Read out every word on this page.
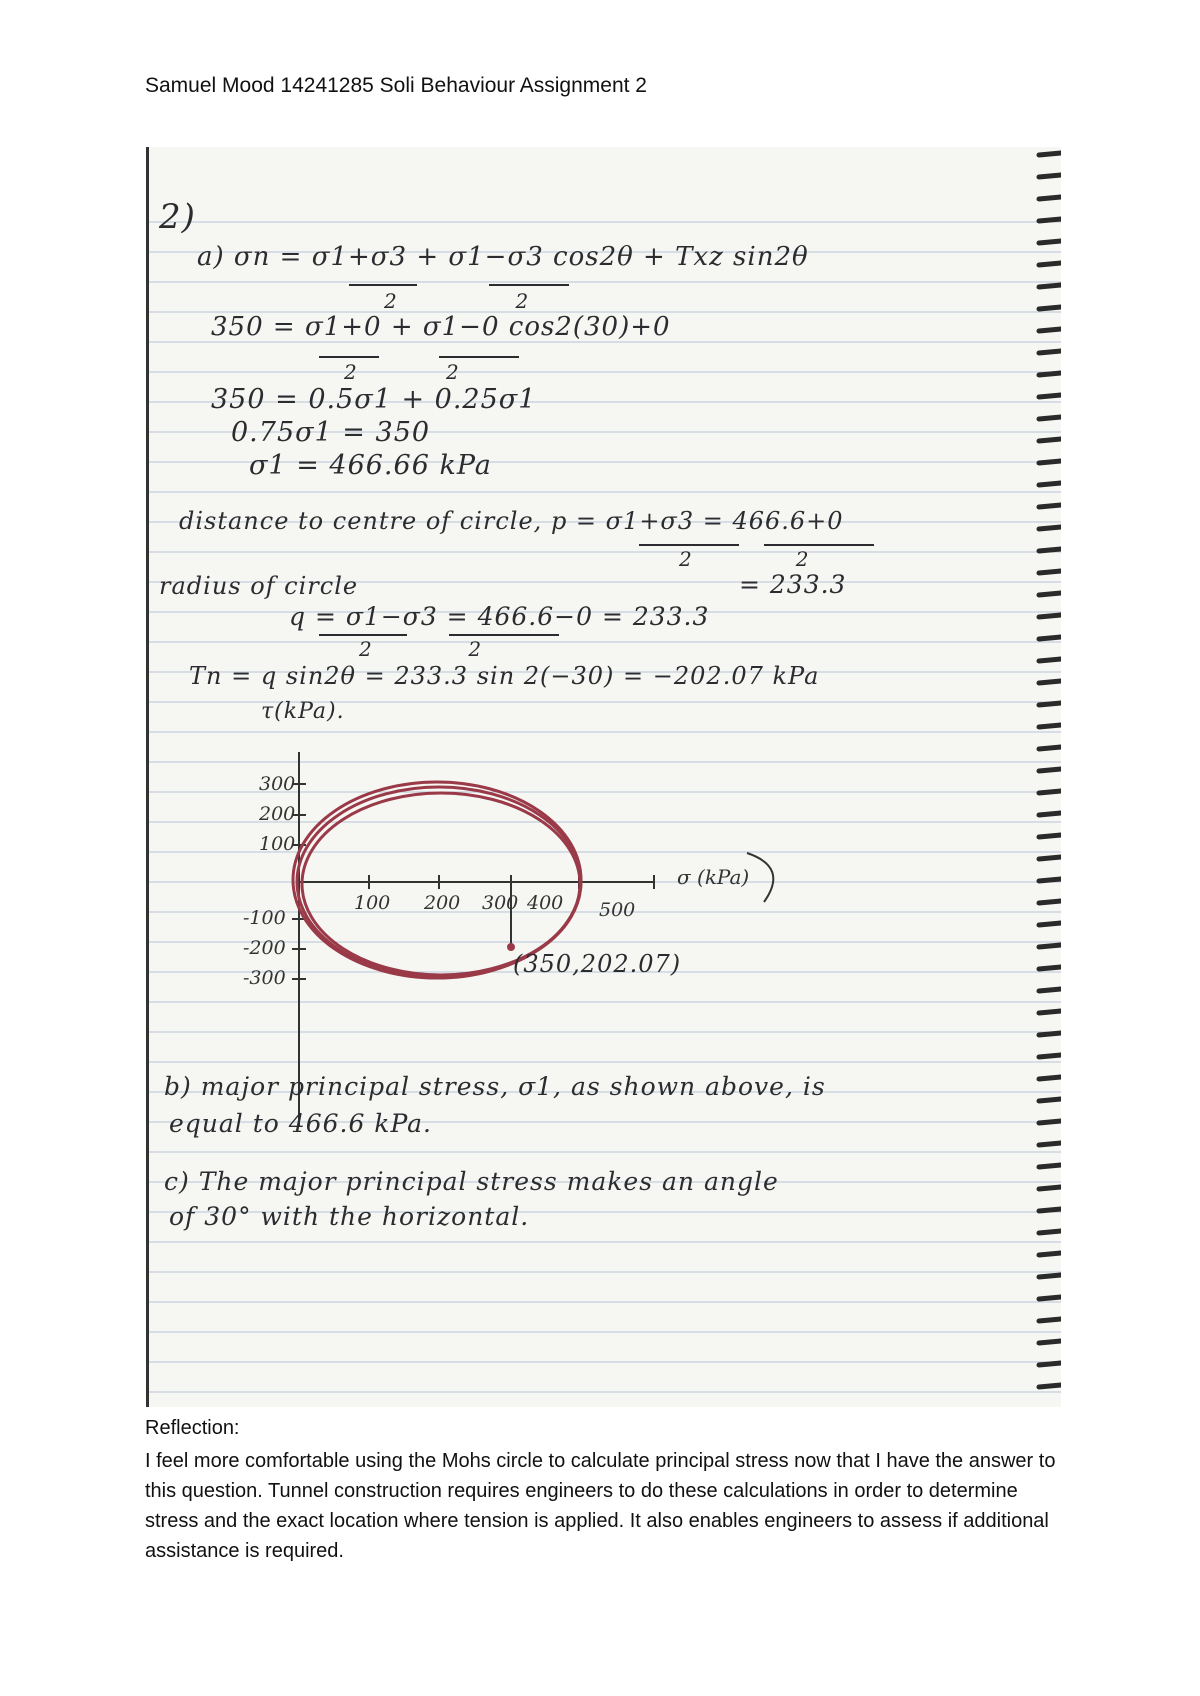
Samuel Mood 14241285 Soli Behaviour Assignment 2
2)
a) σn = σ1+σ3 + σ1−σ3 cos2θ + Txz sin2θ
2                2
350 = σ1+0 + σ1−0 cos2(30)+0
2            2
350 = 0.5σ1 + 0.25σ1
0.75σ1 = 350
σ1 = 466.66 kPa
distance to centre of circle, p = σ1+σ3 = 466.6+0
2              2
radius of circle	= 233.3
q = σ1−σ3 = 466.6−0 = 233.3
2             2
Tn = q sin2θ = 233.3 sin 2(−30) = −202.07 kPa
τ(kPa).
300
200
100
-100
-200
-300
100 200 300 400 500
σ (kPa)
(350,202.07)
b) major principal stress, σ1, as shown above, is
equal to 466.6 kPa.
c) The major principal stress makes an angle
of 30° with the horizontal.
Reflection:
I feel more comfortable using the Mohs circle to calculate principal stress now that I have the answer to this question. Tunnel construction requires engineers to do these calculations in order to determine stress and the exact location where tension is applied. It also enables engineers to assess if additional assistance is required.
